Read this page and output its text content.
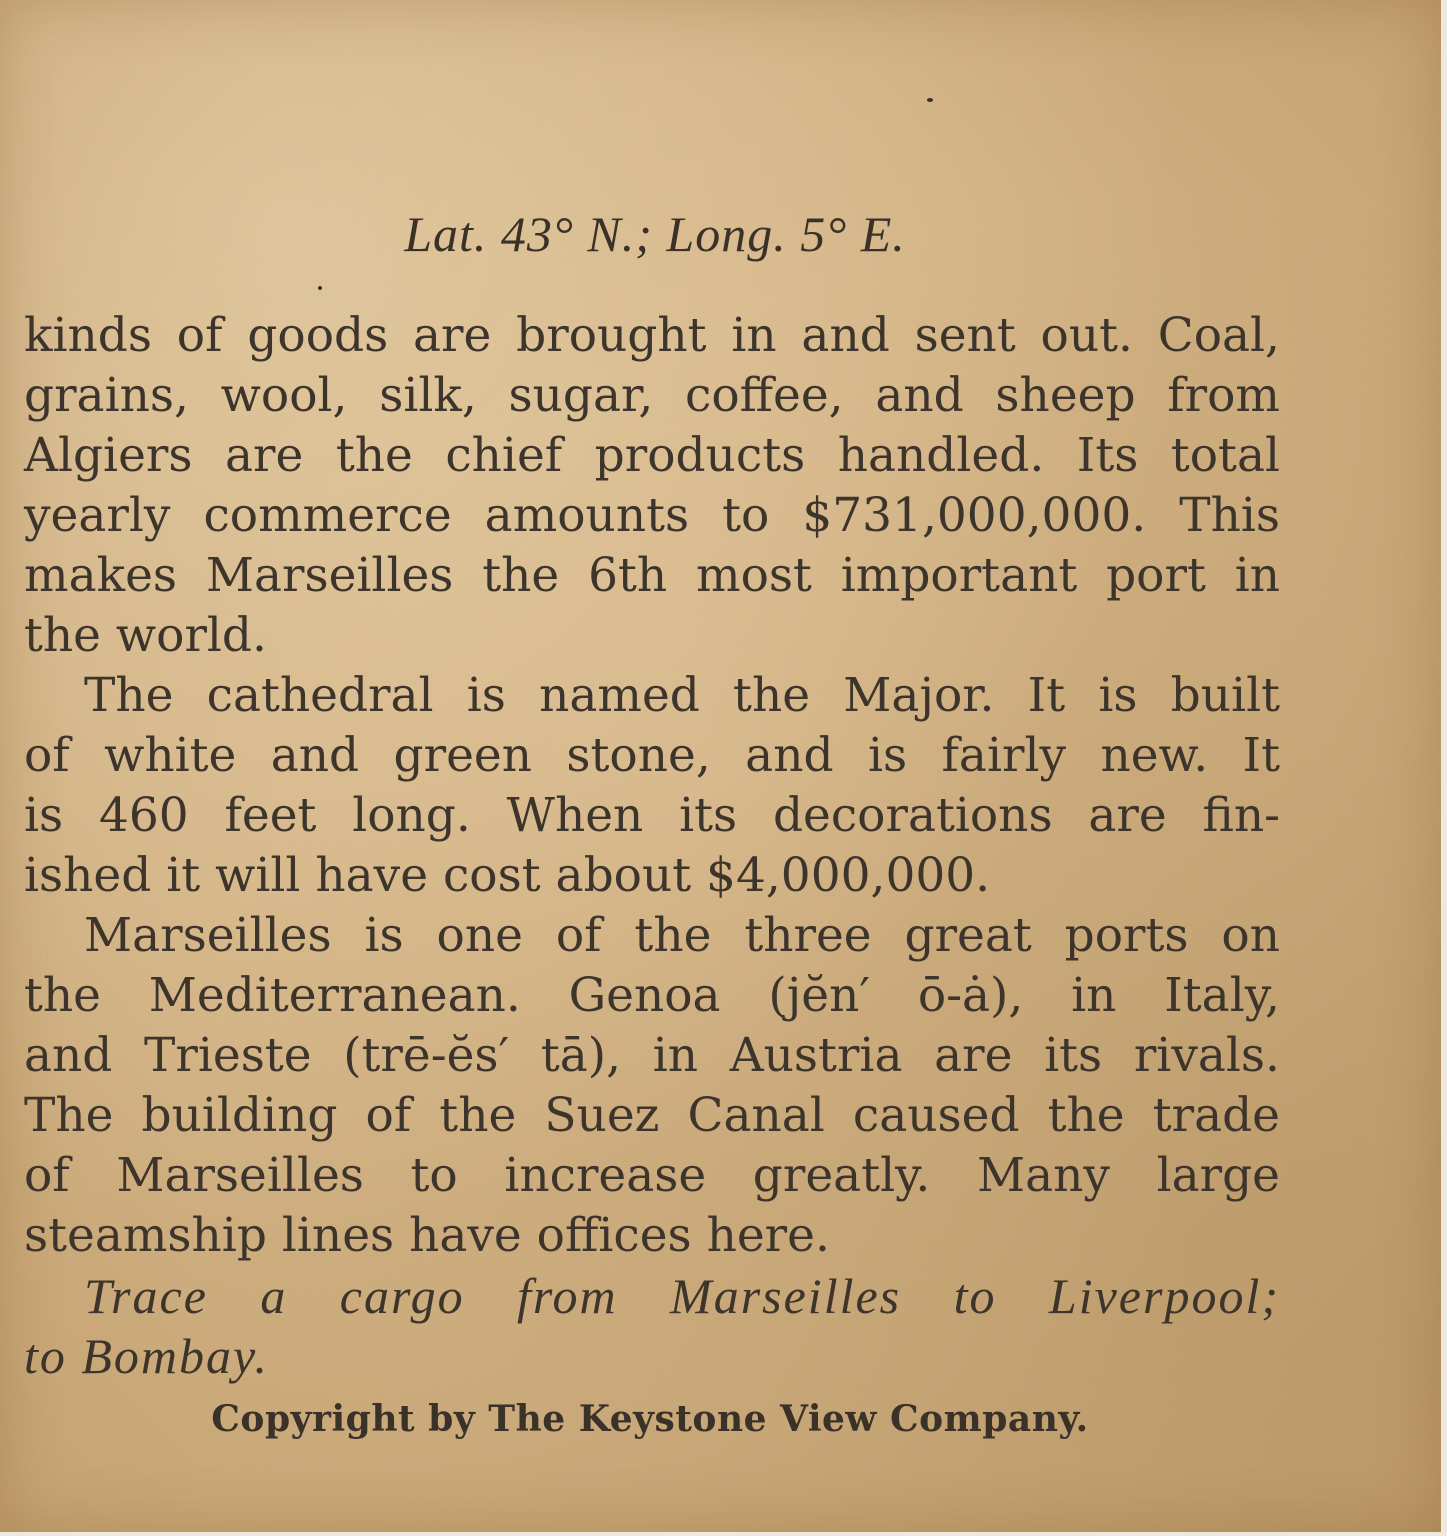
Lat. 43° N.; Long. 5° E.
kinds of goods are brought in and sent out. Coal,
grains, wool, silk, sugar, coffee, and sheep from
Algiers are the chief products handled. Its total
yearly commerce amounts to $731,000,000. This
makes Marseilles the 6th most important port in
the world.
The cathedral is named the Major. It is built
of white and green stone, and is fairly new. It
is 460 feet long. When its decorations are fin-
ished it will have cost about $4,000,000.
Marseilles is one of the three great ports on
the Mediterranean. Genoa (jĕn′ ō-ȧ), in Italy,
and Trieste (trē-ĕs′ tā), in Austria are its rivals.
The building of the Suez Canal caused the trade
of Marseilles to increase greatly. Many large
steamship lines have offices here.
Trace a cargo from Marseilles to Liverpool;
to Bombay.
Copyright by The Keystone View Company.
